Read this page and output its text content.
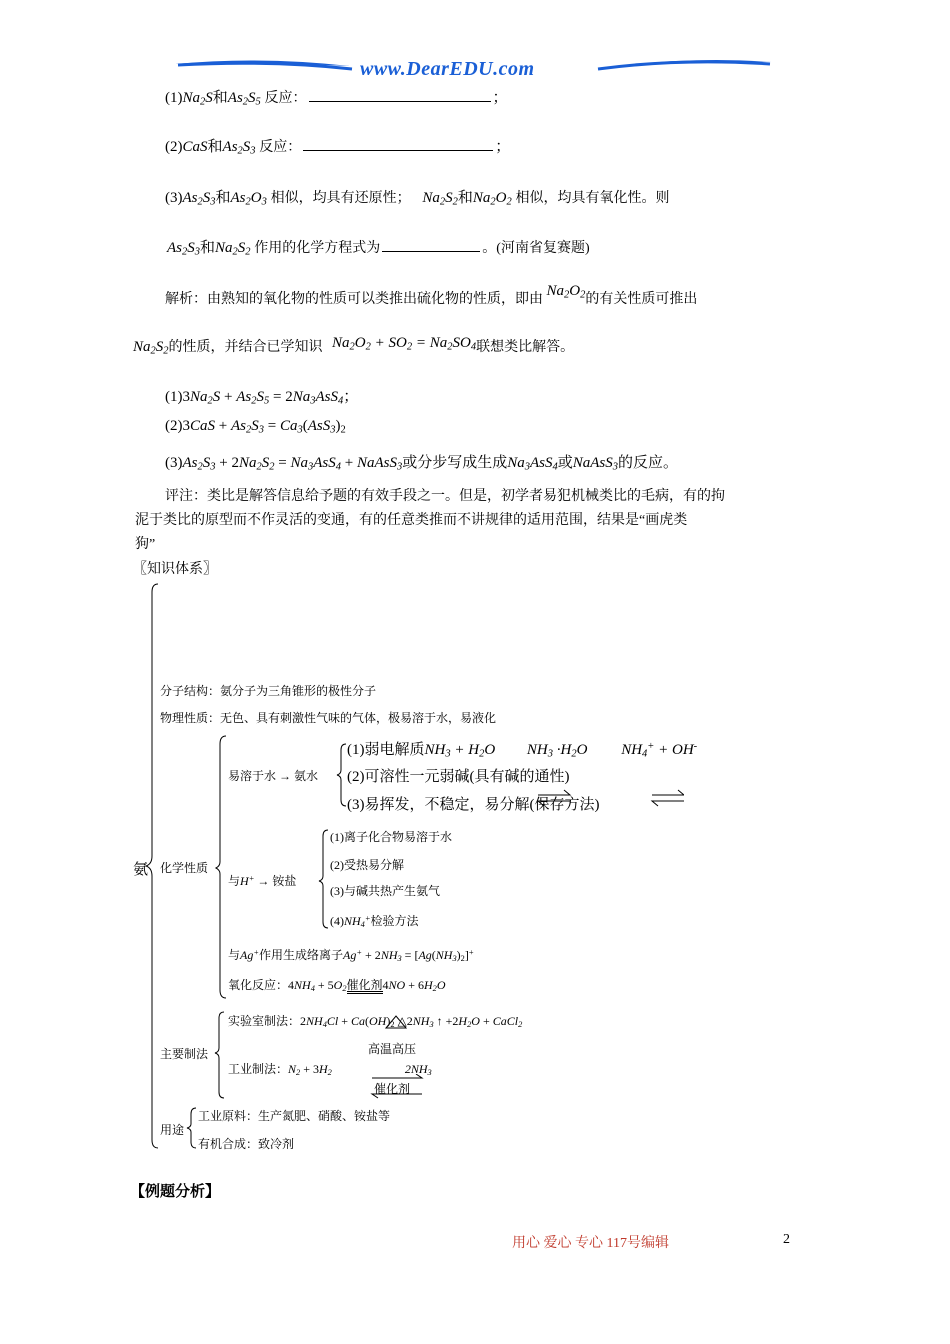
www.DearEDU.com
$(1)Na_2S$和$As_2S_5$ 反应：	；
(2)CaS和$As_2S_3$ 反应：	；
$(3)As_2S_3$和$As_2O_3$ 相似，均具有还原性； $Na_2S_2$和$Na_2O_2$ 相似，均具有氧化性。则
$As_2S_3$和$Na_2S_2$ 作用的化学方程式为	。(河南省复赛题)
解析：由熟知的氧化物的性质可以类推出硫化物的性质，即由 $Na_2O_2$的有关性质可推出
$Na_2S_2$的性质，并结合已学知识 $Na_2O_2 + SO_2 = Na_2SO_4$联想类比解答。
$(1)3Na_2S + As_2S_5 = 2Na_3AsS_4$；
$(2)3CaS + As_2S_3 = Ca_3(AsS_3)_2$
$(3)As_2S_3 + 2Na_2S_2 = Na_3AsS_4$ + NaAsS$_3$或分步写成生成$Na_3AsS_4$或NaAsS$_3$的反应。
评注：类比是解答信息给予题的有效手段之一。但是，初学者易犯机械类比的毛病，有的拘
泥于类比的原型而不作灵活的变通，有的任意类推而不讲规律的适用范围，结果是“画虎类
狗”
〖知识体系〗
氨
分子结构：氨分子为三角锥形的极性分子
物理性质：无色、具有刺激性气味的气体，极易溶于水，易液化
化学性质
易溶于水 → 氨水
(1)弱电解质$NH_3 + H_2O$ $NH_3 \cdot H_2O$ $NH_4^+ + OH^-$
(2)可溶性一元弱碱(具有碱的通性)
(3)易挥发，不稳定，易分解(保存方法)
与H+ → 铵盐
(1)离子化合物易溶于水
(2)受热易分解
(3)与碱共热产生氨气
$(4)NH_4^+$检验方法
与Ag+作用生成络离子$Ag^+ + 2NH_3 = [Ag(NH_3)_2]^+$
氧化反应：$4NH_4 + 5O_2$催化剂$4NO + 6H_2O$
主要制法
实验室制法：$2NH_4Cl + Ca(OH)_2$ $\triangle 2NH_3$ ↑ $+2H_2O$ + CaCl$_2$
高温高压
工业制法：$N_2 + 3H_2$	$2NH_3$
催化剂
用途
工业原料：生产氮肥、硝酸、铵盐等
有机合成：致冷剂
【例题分析】
用心 爱心 专心 117号编辑	2
